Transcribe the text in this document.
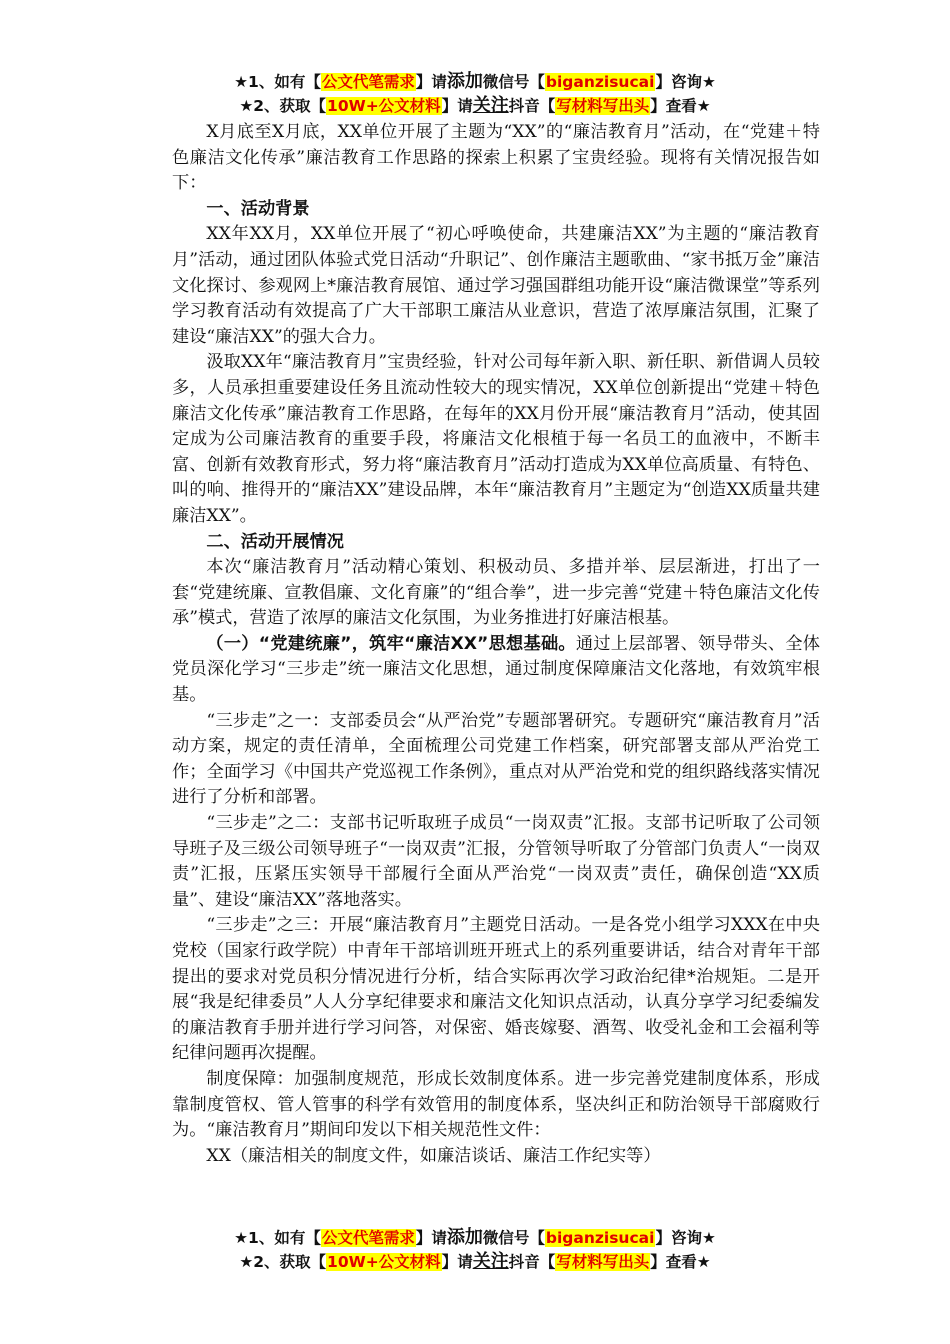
★1、如有【公文代笔需求】请添加微信号【biganzisucai】咨询★
★2、获取【10W+公文材料】请关注抖音【写材料写出头】查看★

X月底至X月底，XX单位开展了主题为“XX”的“廉洁教育月”活动，在“党建＋特色廉洁文化传承”廉洁教育工作思路的探索上积累了宝贵经验。现将有关情况报告如下：

一、活动背景

XX年XX月，XX单位开展了“初心呼唤使命，共建廉洁XX”为主题的“廉洁教育月”活动，通过团队体验式党日活动“升职记”、创作廉洁主题歌曲、“家书抵万金”廉洁文化探讨、参观网上*廉洁教育展馆、通过学习强国群组功能开设“廉洁微课堂”等系列学习教育活动有效提高了广大干部职工廉洁从业意识，营造了浓厚廉洁氛围，汇聚了建设“廉洁XX”的强大合力。

汲取XX年“廉洁教育月”宝贵经验，针对公司每年新入职、新任职、新借调人员较多，人员承担重要建设任务且流动性较大的现实情况，XX单位创新提出“党建＋特色廉洁文化传承”廉洁教育工作思路，在每年的XX月份开展“廉洁教育月”活动，使其固定成为公司廉洁教育的重要手段，将廉洁文化根植于每一名员工的血液中，不断丰富、创新有效教育形式，努力将“廉洁教育月”活动打造成为XX单位高质量、有特色、叫的响、推得开的“廉洁XX”建设品牌，本年“廉洁教育月”主题定为“创造XX质量共建廉洁XX”。

二、活动开展情况

本次“廉洁教育月”活动精心策划、积极动员、多措并举、层层渐进，打出了一套“党建统廉、宣教倡廉、文化育廉”的“组合拳”，进一步完善“党建＋特色廉洁文化传承”模式，营造了浓厚的廉洁文化氛围，为业务推进打好廉洁根基。

（一）“党建统廉”，筑牢“廉洁XX”思想基础。通过上层部署、领导带头、全体党员深化学习“三步走”统一廉洁文化思想，通过制度保障廉洁文化落地，有效筑牢根基。

“三步走”之一：支部委员会“从严治党”专题部署研究。专题研究“廉洁教育月”活动方案，规定的责任清单，全面梳理公司党建工作档案，研究部署支部从严治党工作；全面学习《中国共产党巡视工作条例》，重点对从严治党和党的组织路线落实情况进行了分析和部署。

“三步走”之二：支部书记听取班子成员“一岗双责”汇报。支部书记听取了公司领导班子及三级公司领导班子“一岗双责”汇报，分管领导听取了分管部门负责人“一岗双责”汇报，压紧压实领导干部履行全面从严治党“一岗双责”责任，确保创造“XX质量”、建设“廉洁XX”落地落实。

“三步走”之三：开展“廉洁教育月”主题党日活动。一是各党小组学习XXX在中央党校（国家行政学院）中青年干部培训班开班式上的系列重要讲话，结合对青年干部提出的要求对党员积分情况进行分析，结合实际再次学习政治纪律*治规矩。二是开展“我是纪律委员”人人分享纪律要求和廉洁文化知识点活动，认真分享学习纪委编发的廉洁教育手册并进行学习问答，对保密、婚丧嫁娶、酒驾、收受礼金和工会福利等纪律问题再次提醒。

制度保障：加强制度规范，形成长效制度体系。进一步完善党建制度体系，形成靠制度管权、管人管事的科学有效管用的制度体系，坚决纠正和防治领导干部腐败行为。“廉洁教育月”期间印发以下相关规范性文件：

XX（廉洁相关的制度文件，如廉洁谈话、廉洁工作纪实等）

★1、如有【公文代笔需求】请添加微信号【biganzisucai】咨询★
★2、获取【10W+公文材料】请关注抖音【写材料写出头】查看★
